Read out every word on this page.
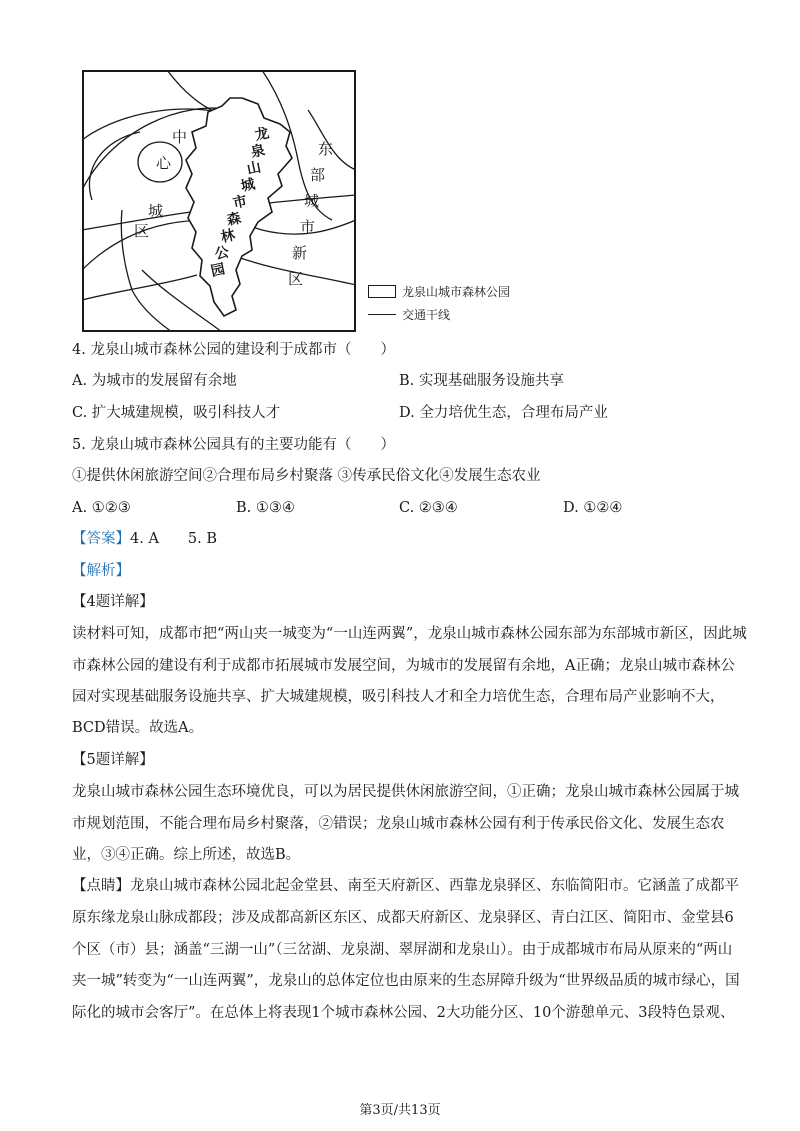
中
心
城
区
龙
泉
山
城
市
森
林
公
园
东
部
城
市
新
区
龙泉山城市森林公园
交通干线
4. 龙泉山城市森林公园的建设利于成都市（　　）
A. 为城市的发展留有余地	B. 实现基础服务设施共享
C. 扩大城建规模，吸引科技人才	D. 全力培优生态，合理布局产业
5. 龙泉山城市森林公园具有的主要功能有（　　）
①提供休闲旅游空间②合理布局乡村聚落 ③传承民俗文化④发展生态农业
A. ①②③	B. ①③④	C. ②③④	D. ①②④
【答案】4. A　　5. B
【解析】
【4题详解】
读材料可知，成都市把“两山夹一城变为“一山连两翼”，龙泉山城市森林公园东部为东部城市新区，因此城
市森林公园的建设有利于成都市拓展城市发展空间，为城市的发展留有余地，A正确；龙泉山城市森林公
园对实现基础服务设施共享、扩大城建规模，吸引科技人才和全力培优生态，合理布局产业影响不大，
BCD错误。故选A。
【5题详解】
龙泉山城市森林公园生态环境优良，可以为居民提供休闲旅游空间，①正确；龙泉山城市森林公园属于城
市规划范围，不能合理布局乡村聚落，②错误；龙泉山城市森林公园有利于传承民俗文化、发展生态农
业，③④正确。综上所述，故选B。
【点睛】龙泉山城市森林公园北起金堂县、南至天府新区、西靠龙泉驿区、东临简阳市。它涵盖了成都平
原东缘龙泉山脉成都段；涉及成都高新区东区、成都天府新区、龙泉驿区、青白江区、简阳市、金堂县6
个区（市）县；涵盖“三湖一山”（三岔湖、龙泉湖、翠屏湖和龙泉山）。由于成都城市布局从原来的“两山
夹一城”转变为“一山连两翼”，龙泉山的总体定位也由原来的生态屏障升级为“世界级品质的城市绿心，国
际化的城市会客厅”。在总体上将表现1个城市森林公园、2大功能分区、10个游憩单元、3段特色景观、
第3页/共13页
